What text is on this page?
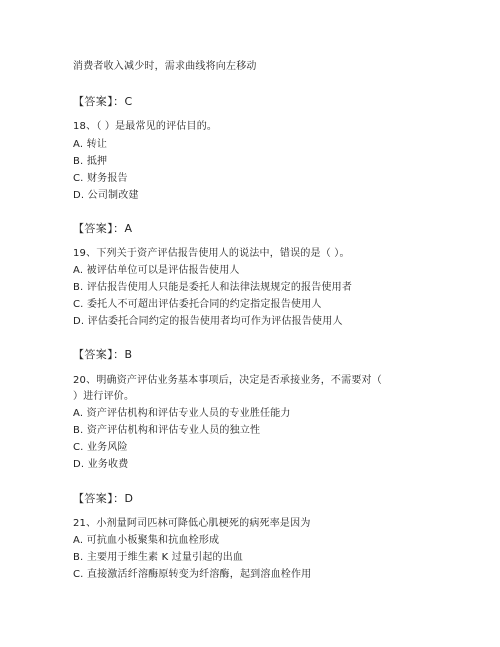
消费者收入减少时，需求曲线将向左移动
【答案】：C
18、（ ）是最常见的评估目的。
A. 转让
B. 抵押
C. 财务报告
D. 公司制改建
【答案】：A
19、下列关于资产评估报告使用人的说法中，错误的是（ ）。
A. 被评估单位可以是评估报告使用人
B. 评估报告使用人只能是委托人和法律法规规定的报告使用者
C. 委托人不可超出评估委托合同的约定指定报告使用人
D. 评估委托合同约定的报告使用者均可作为评估报告使用人
【答案】：B
20、明确资产评估业务基本事项后，决定是否承接业务，不需要对（
）进行评价。
A. 资产评估机构和评估专业人员的专业胜任能力
B. 资产评估机构和评估专业人员的独立性
C. 业务风险
D. 业务收费
【答案】：D
21、小剂量阿司匹林可降低心肌梗死的病死率是因为
A. 可抗血小板聚集和抗血栓形成
B. 主要用于维生素 K 过量引起的出血
C. 直接激活纤溶酶原转变为纤溶酶，起到溶血栓作用
